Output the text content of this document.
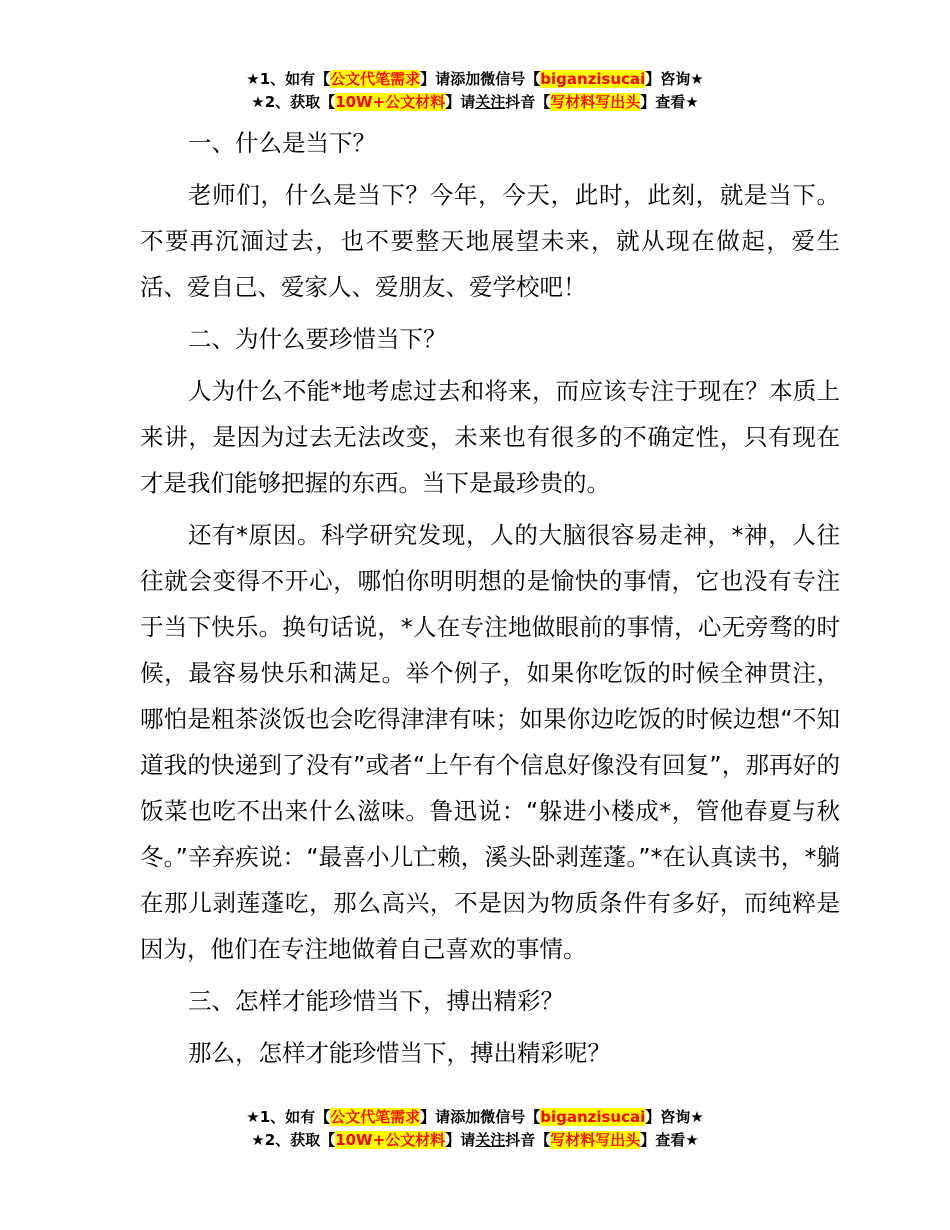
★1、如有【公文代笔需求】请添加微信号【biganzisucai】咨询★
★2、获取【10W+公文材料】请关注抖音【写材料写出头】查看★

一、什么是当下？

老师们，什么是当下？今年，今天，此时，此刻，就是当下。不要再沉湎过去，也不要整天地展望未来，就从现在做起，爱生活、爱自己、爱家人、爱朋友、爱学校吧！

二、为什么要珍惜当下？

人为什么不能*地考虑过去和将来，而应该专注于现在？本质上来讲，是因为过去无法改变，未来也有很多的不确定性，只有现在才是我们能够把握的东西。当下是最珍贵的。

还有*原因。科学研究发现，人的大脑很容易走神，*神，人往往就会变得不开心，哪怕你明明想的是愉快的事情，它也没有专注于当下快乐。换句话说，*人在专注地做眼前的事情，心无旁骛的时候，最容易快乐和满足。举个例子，如果你吃饭的时候全神贯注，哪怕是粗茶淡饭也会吃得津津有味；如果你边吃饭的时候边想“不知道我的快递到了没有”或者“上午有个信息好像没有回复”，那再好的饭菜也吃不出来什么滋味。鲁迅说：“躲进小楼成*，管他春夏与秋冬。”辛弃疾说：“最喜小儿亡赖，溪头卧剥莲蓬。”*在认真读书，*躺在那儿剥莲蓬吃，那么高兴，不是因为物质条件有多好，而纯粹是因为，他们在专注地做着自己喜欢的事情。

三、怎样才能珍惜当下，搏出精彩？

那么，怎样才能珍惜当下，搏出精彩呢？

★1、如有【公文代笔需求】请添加微信号【biganzisucai】咨询★
★2、获取【10W+公文材料】请关注抖音【写材料写出头】查看★
